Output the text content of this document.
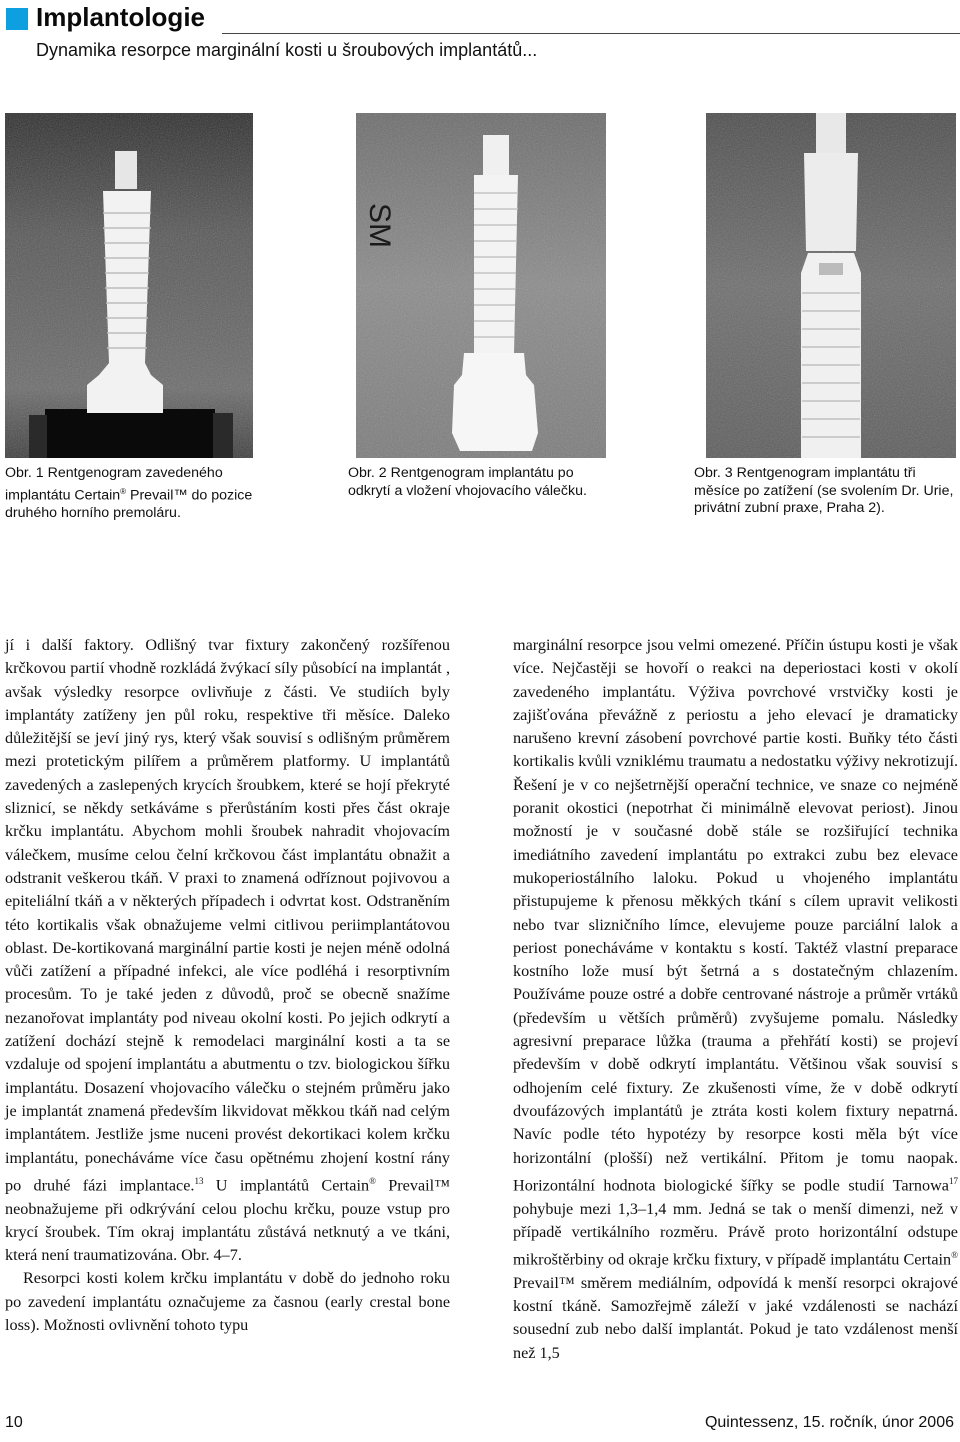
Implantologie
Dynamika resorpce marginální kosti u šroubových implantátů...
SM
Obr. 1 Rentgenogram zavedeného implantátu Certain® Prevail™ do pozice druhého horního premoláru.
Obr. 2 Rentgenogram implantátu po odkrytí a vložení vhojovacího válečku.
Obr. 3 Rentgenogram implantátu tři měsíce po zatížení (se svolením Dr. Urie, privátní zubní praxe, Praha 2).

jí i další faktory. Odlišný tvar fixtury zakončený rozšířenou krčkovou partií vhodně rozkládá žvýkací síly působící na implantát , avšak výsledky resorpce ovlivňuje z části. Ve studiích byly implantáty zatíženy jen půl roku, respektive tři měsíce. Daleko důležitější se jeví jiný rys, který však souvisí s odlišným průměrem mezi protetickým pilířem a průměrem platformy. U implantátů zavedených a zaslepených krycích šroubkem, které se hojí překryté sliznicí, se někdy setkáváme s přerůstáním kosti přes část okraje krčku implantátu. Abychom mohli šroubek nahradit vhojovacím válečkem, musíme celou čelní krčkovou část implantátu obnažit a odstranit veškerou tkáň. V praxi to znamená odříznout pojivovou a epiteliální tkáň a v některých případech i odvrtat kost. Odstraněním této kortikalis však obnažujeme velmi citlivou periimplantátovou oblast. De-kortikovaná marginální partie kosti je nejen méně odolná vůči zatížení a případné infekci, ale více podléhá i resorptivním procesům. To je také jeden z důvodů, proč se obecně snažíme nezanořovat implantáty pod niveau okolní kosti. Po jejich odkrytí a zatížení dochází stejně k remodelaci marginální kosti a ta se vzdaluje od spojení implantátu a abutmentu o tzv. biologickou šířku implantátu. Dosazení vhojovacího válečku o stejném průměru jako je implantát znamená především likvidovat měkkou tkáň nad celým implantátem. Jestliže jsme nuceni provést dekortikaci kolem krčku implantátu, ponecháváme více času opětnému zhojení kostní rány po druhé fázi implantace.$^{13}$ U implantátů Certain® Prevail™ neobnažujeme při odkrývání celou plochu krčku, pouze vstup pro krycí šroubek. Tím okraj implantátu zůstává netknutý a ve tkáni, která není traumatizována. Obr. 4–7.

Resorpci kosti kolem krčku implantátu v době do jednoho roku po zavedení implantátu označujeme za časnou (early crestal bone loss). Možnosti ovlivnění tohoto typu

marginální resorpce jsou velmi omezené. Příčin ústupu kosti je však více. Nejčastěji se hovoří o reakci na deperiostaci kosti v okolí zavedeného implantátu. Výživa povrchové vrstvičky kosti je zajišťována převážně z periostu a jeho elevací je dramaticky narušeno krevní zásobení povrchové partie kosti. Buňky této části kortikalis kvůli vzniklému traumatu a nedostatku výživy nekrotizují. Řešení je v co nejšetrnější operační technice, ve snaze co nejméně poranit okostici (nepotrhat či minimálně elevovat periost). Jinou možností je v současné době stále se rozšiřující technika imediátního zavedení implantátu po extrakci zubu bez elevace mukoperiostálního laloku. Pokud u vhojeného implantátu přistupujeme k přenosu měkkých tkání s cílem upravit velikosti nebo tvar slizničního límce, elevujeme pouze parciální lalok a periost ponecháváme v kontaktu s kostí. Taktéž vlastní preparace kostního lože musí být šetrná a s dostatečným chlazením. Používáme pouze ostré a dobře centrované nástroje a průměr vrtáků (především u větších průměrů) zvyšujeme pomalu. Následky agresivní preparace lůžka (trauma a přehřátí kosti) se projeví především v době odkrytí implantátu. Většinou však souvisí s odhojením celé fixtury. Ze zkušenosti víme, že v době odkrytí dvoufázových implantátů je ztráta kosti kolem fixtury nepatrná. Navíc podle této hypotézy by resorpce kosti měla být více horizontální (plošší) než vertikální. Přitom je tomu naopak. Horizontální hodnota biologické šířky se podle studií Tarnowa$^{17}$ pohybuje mezi 1,3–1,4 mm. Jedná se tak o menší dimenzi, než v případě vertikálního rozměru. Právě proto horizontální odstupe mikroštěrbiny od okraje krčku fixtury, v případě implantátu Certain® Prevail™ směrem mediálním, odpovídá k menší resorpci okrajové kostní tkáně. Samozřejmě záleží v jaké vzdálenosti se nachází sousední zub nebo další implantát. Pokud je tato vzdálenost menší než 1,5

10	Quintessenz, 15. ročník, únor 2006
